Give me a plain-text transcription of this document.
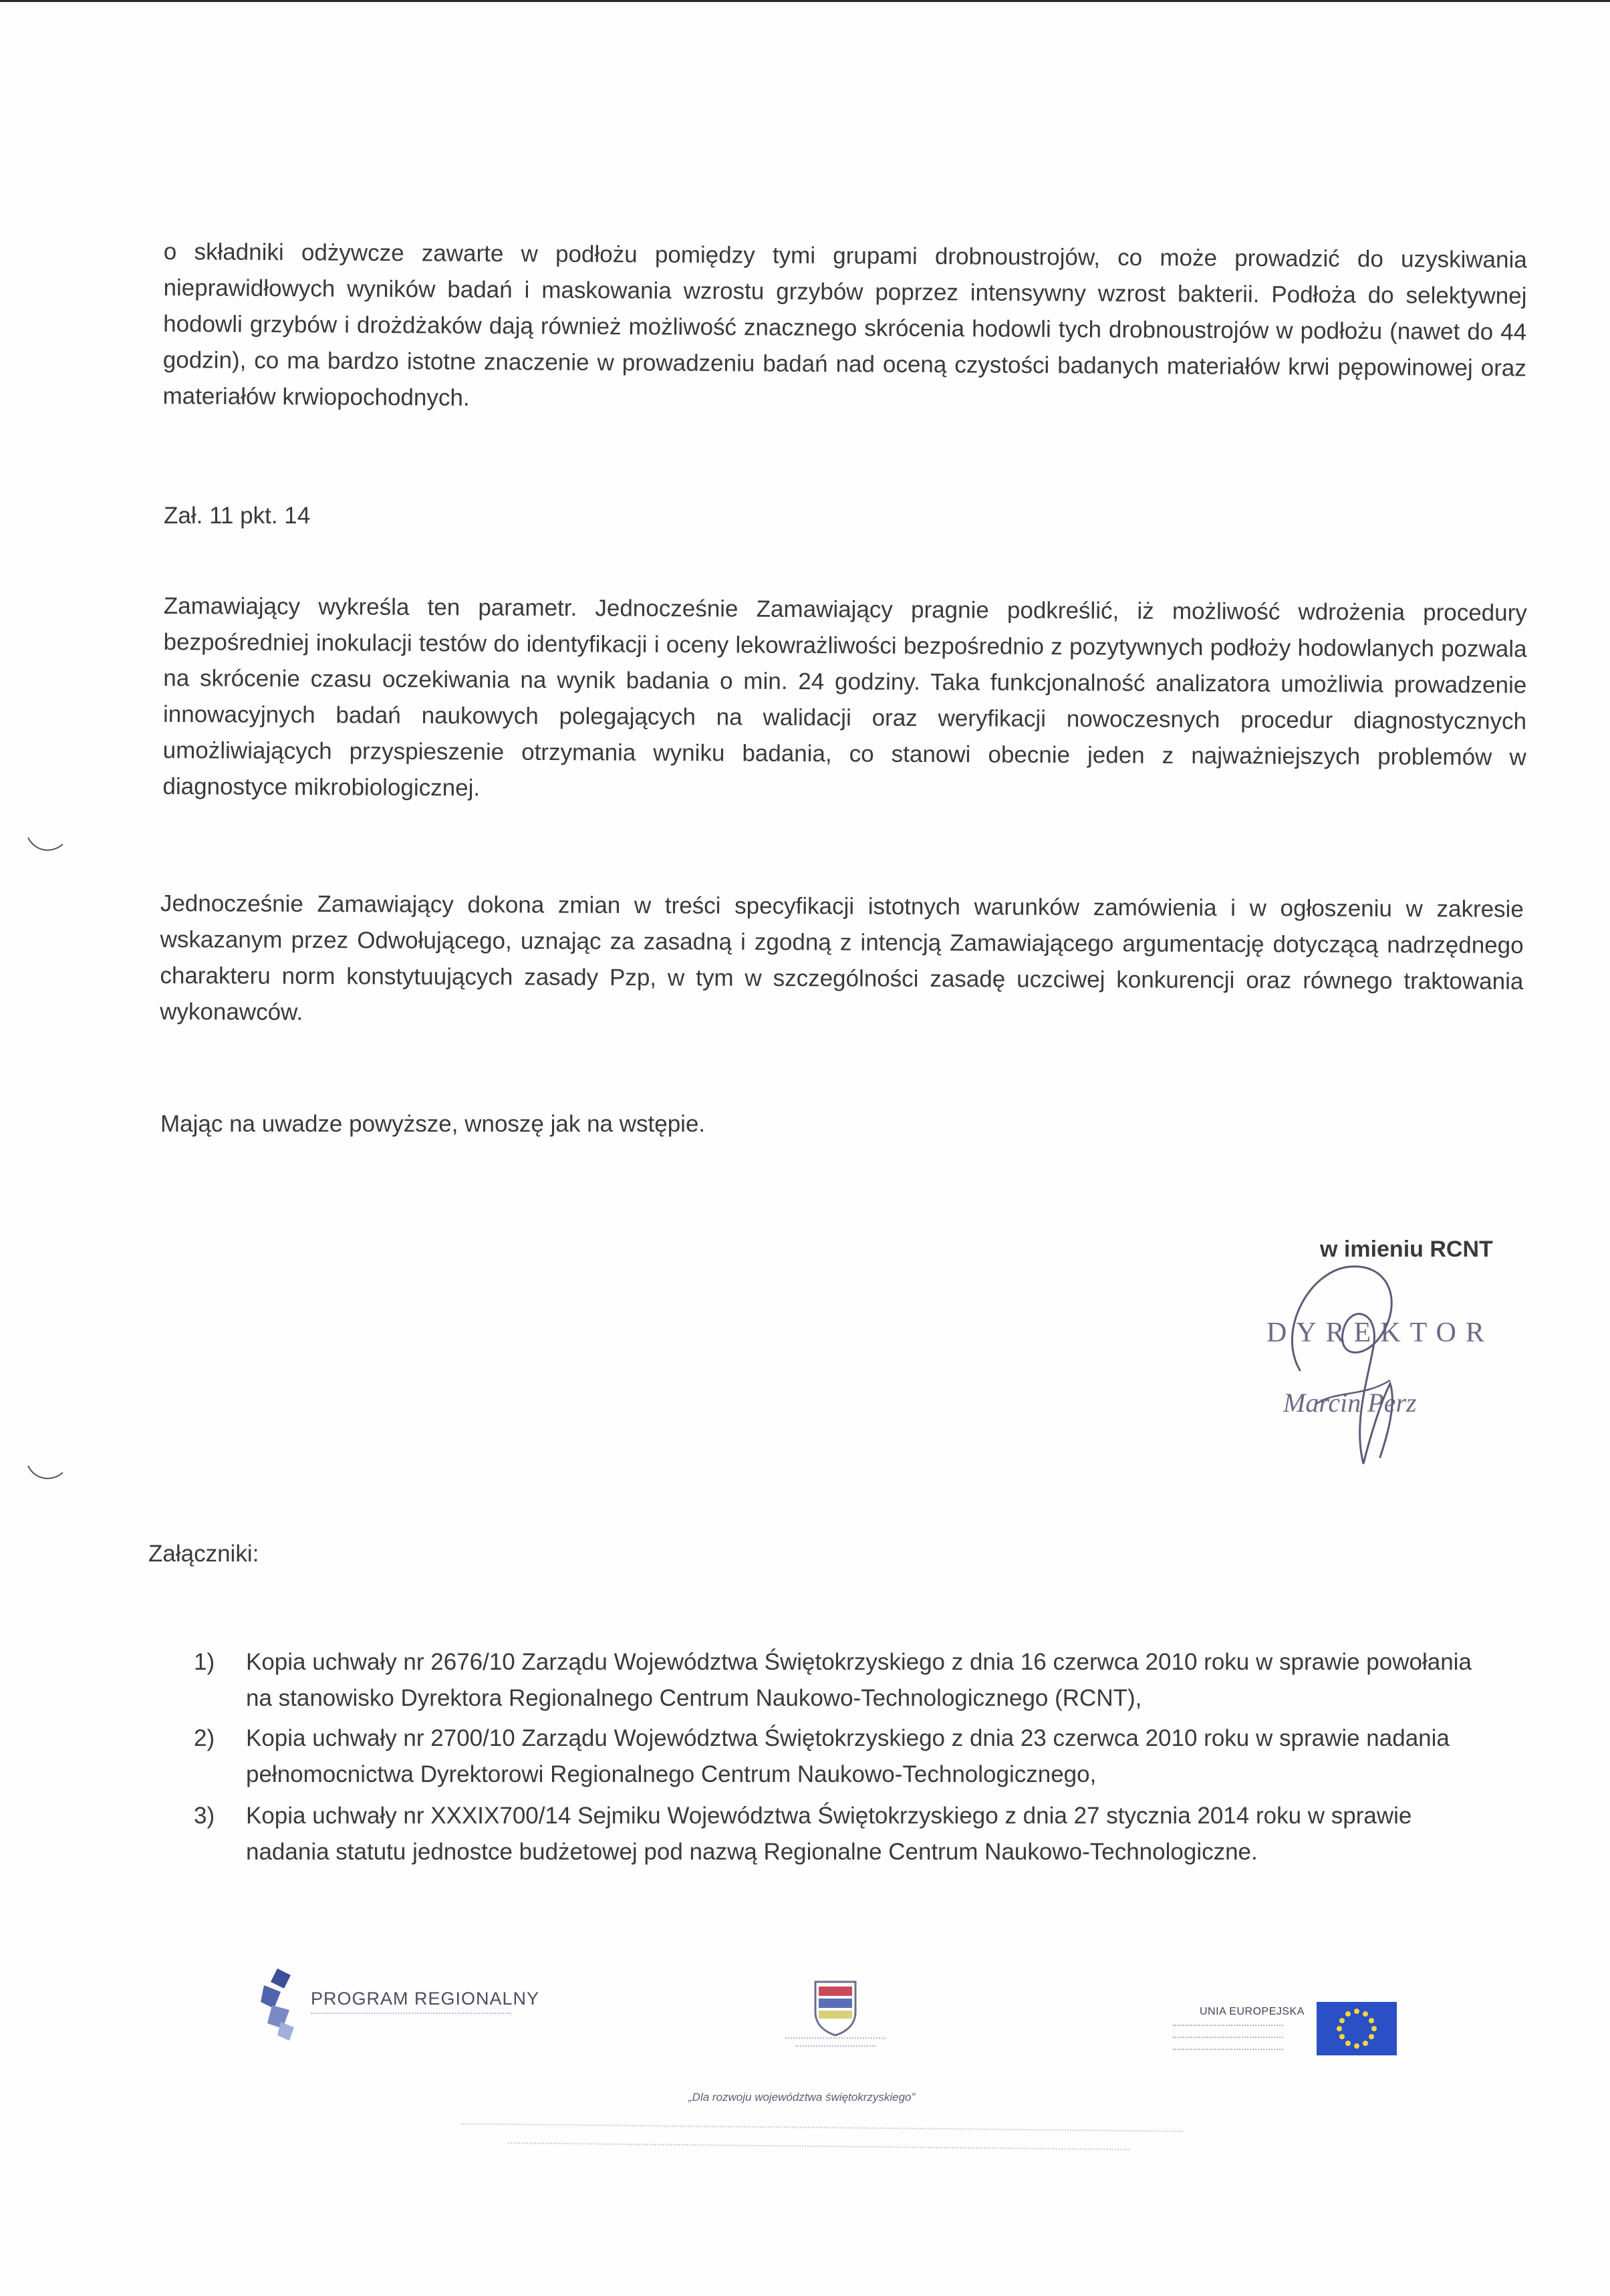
o składniki odżywcze zawarte w podłożu pomiędzy tymi grupami drobnoustrojów, co może prowadzić do uzyskiwania nieprawidłowych wyników badań i maskowania wzrostu grzybów poprzez intensywny wzrost bakterii. Podłoża do selektywnej hodowli grzybów i drożdżaków dają również możliwość znacznego skrócenia hodowli tych drobnoustrojów w podłożu (nawet do 44 godzin), co ma bardzo istotne znaczenie w prowadzeniu badań nad oceną czystości badanych materiałów krwi pępowinowej oraz materiałów krwiopochodnych.

Zał. 11 pkt. 14

Zamawiający wykreśla ten parametr. Jednocześnie Zamawiający pragnie podkreślić, iż możliwość wdrożenia procedury bezpośredniej inokulacji testów do identyfikacji i oceny lekowrażliwości bezpośrednio z pozytywnych podłoży hodowlanych pozwala na skrócenie czasu oczekiwania na wynik badania o min. 24 godziny. Taka funkcjonalność analizatora umożliwia prowadzenie innowacyjnych badań naukowych polegających na walidacji oraz weryfikacji nowoczesnych procedur diagnostycznych umożliwiających przyspieszenie otrzymania wyniku badania, co stanowi obecnie jeden z najważniejszych problemów w diagnostyce mikrobiologicznej.

Jednocześnie Zamawiający dokona zmian w treści specyfikacji istotnych warunków zamówienia i w ogłoszeniu w zakresie wskazanym przez Odwołującego, uznając za zasadną i zgodną z intencją Zamawiającego argumentację dotyczącą nadrzędnego charakteru norm konstytuujących zasady Pzp, w tym w szczególności zasadę uczciwej konkurencji oraz równego traktowania wykonawców.

Mając na uwadze powyższe, wnoszę jak na wstępie.

w imieniu RCNT
DYREKTOR
Marcin Perz

Załączniki:

1) Kopia uchwały nr 2676/10 Zarządu Województwa Świętokrzyskiego z dnia 16 czerwca 2010 roku w sprawie powołania na stanowisko Dyrektora Regionalnego Centrum Naukowo-Technologicznego (RCNT),
2) Kopia uchwały nr 2700/10 Zarządu Województwa Świętokrzyskiego z dnia 23 czerwca 2010 roku w sprawie nadania pełnomocnictwa Dyrektorowi Regionalnego Centrum Naukowo-Technologicznego,
3) Kopia uchwały nr XXXIX700/14 Sejmiku Województwa Świętokrzyskiego z dnia 27 stycznia 2014 roku w sprawie nadania statutu jednostce budżetowej pod nazwą Regionalne Centrum Naukowo-Technologiczne.
PROGRAM REGIONALNY
UNIA EUROPEJSKA
„Dla rozwoju województwa świętokrzyskiego”
